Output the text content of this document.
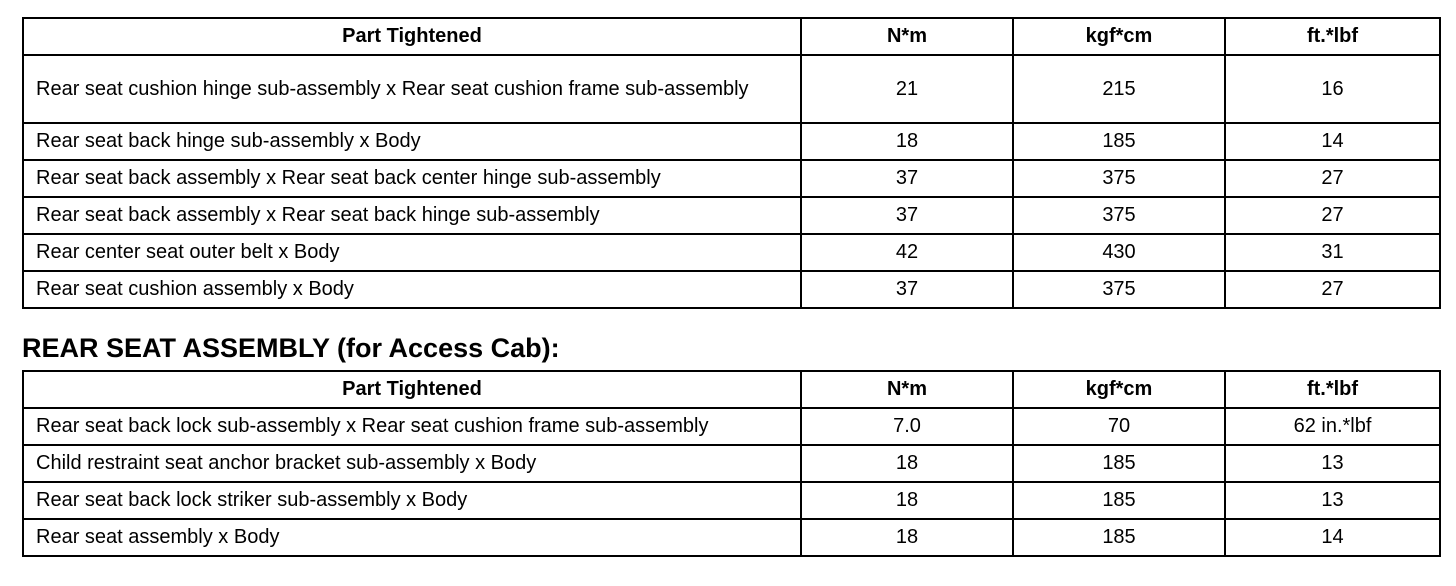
Part Tightened	N*m	kgf*cm	ft.*lbf
Rear seat cushion hinge sub-assembly x Rear seat cushion frame sub-assembly	21	215	16
Rear seat back hinge sub-assembly x Body	18	185	14
Rear seat back assembly x Rear seat back center hinge sub-assembly	37	375	27
Rear seat back assembly x Rear seat back hinge sub-assembly	37	375	27
Rear center seat outer belt x Body	42	430	31
Rear seat cushion assembly x Body	37	375	27
REAR SEAT ASSEMBLY (for Access Cab):
Part Tightened	N*m	kgf*cm	ft.*lbf
Rear seat back lock sub-assembly x Rear seat cushion frame sub-assembly	7.0	70	62 in.*lbf
Child restraint seat anchor bracket sub-assembly x Body	18	185	13
Rear seat back lock striker sub-assembly x Body	18	185	13
Rear seat assembly x Body	18	185	14
